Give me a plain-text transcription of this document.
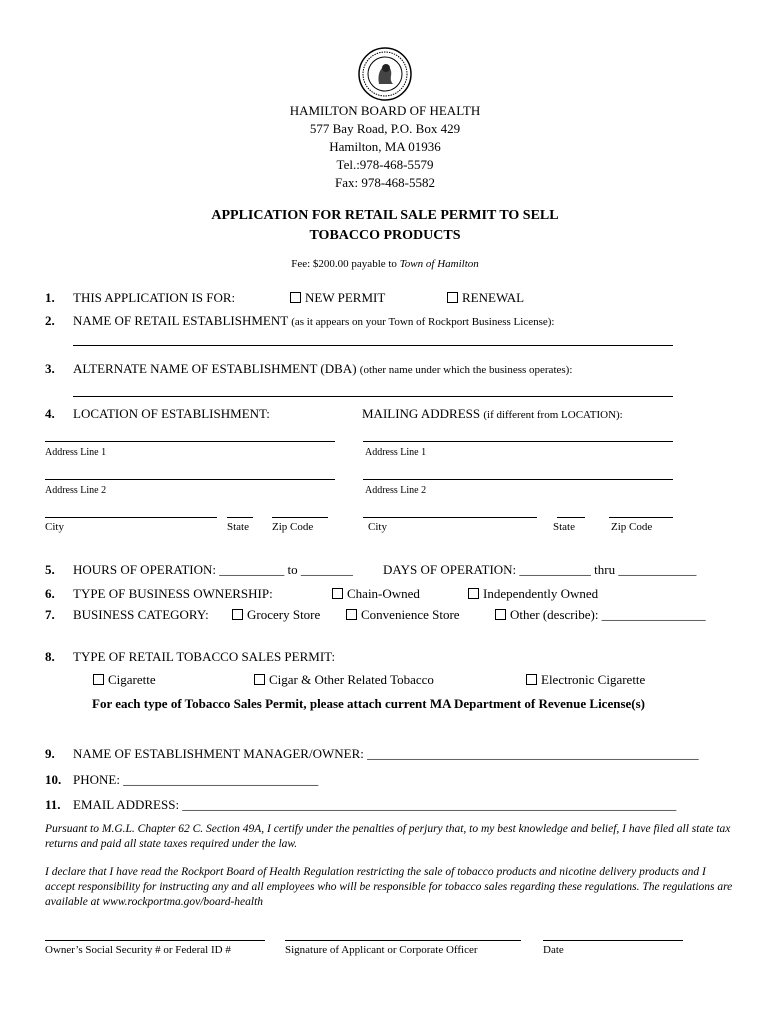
HAMILTON BOARD OF HEALTH
577 Bay Road, P.O. Box 429
Hamilton, MA 01936
Tel.:978-468-5579
Fax: 978-468-5582
APPLICATION FOR RETAIL SALE PERMIT TO SELL
TOBACCO PRODUCTS
Fee: $200.00 payable to Town of Hamilton
1. THIS APPLICATION IS FOR:	NEW PERMIT	RENEWAL
2. NAME OF RETAIL ESTABLISHMENT (as it appears on your Town of Rockport Business License):
3. ALTERNATE NAME OF ESTABLISHMENT (DBA) (other name under which the business operates):
4. LOCATION OF ESTABLISHMENT:	MAILING ADDRESS (if different from LOCATION):
Address Line 1	Address Line 1
Address Line 2	Address Line 2
City	State Zip Code	City	State	Zip Code
5. HOURS OF OPERATION: __________ to ________ DAYS OF OPERATION: ___________ thru ____________
6. TYPE OF BUSINESS OWNERSHIP:	Chain-Owned	Independently Owned
7. BUSINESS CATEGORY:	Grocery Store	Convenience Store	Other (describe): ________________
8. TYPE OF RETAIL TOBACCO SALES PERMIT:
Cigarette	Cigar & Other Related Tobacco	Electronic Cigarette
For each type of Tobacco Sales Permit, please attach current MA Department of Revenue License(s)
9. NAME OF ESTABLISHMENT MANAGER/OWNER: ___________________________________________________
10. PHONE: ______________________________
11. EMAIL ADDRESS: ____________________________________________________________________________
Pursuant to M.G.L. Chapter 62 C. Section 49A, I certify under the penalties of perjury that, to my best knowledge and belief, I have filed all state tax returns and paid all state taxes required under the law.
I declare that I have read the Rockport Board of Health Regulation restricting the sale of tobacco products and nicotine delivery products and I accept responsibility for instructing any and all employees who will be responsible for tobacco sales regarding these regulations. The regulations are available at www.rockportma.gov/board-health
Owner’s Social Security # or Federal ID #	Signature of Applicant or Corporate Officer	Date
